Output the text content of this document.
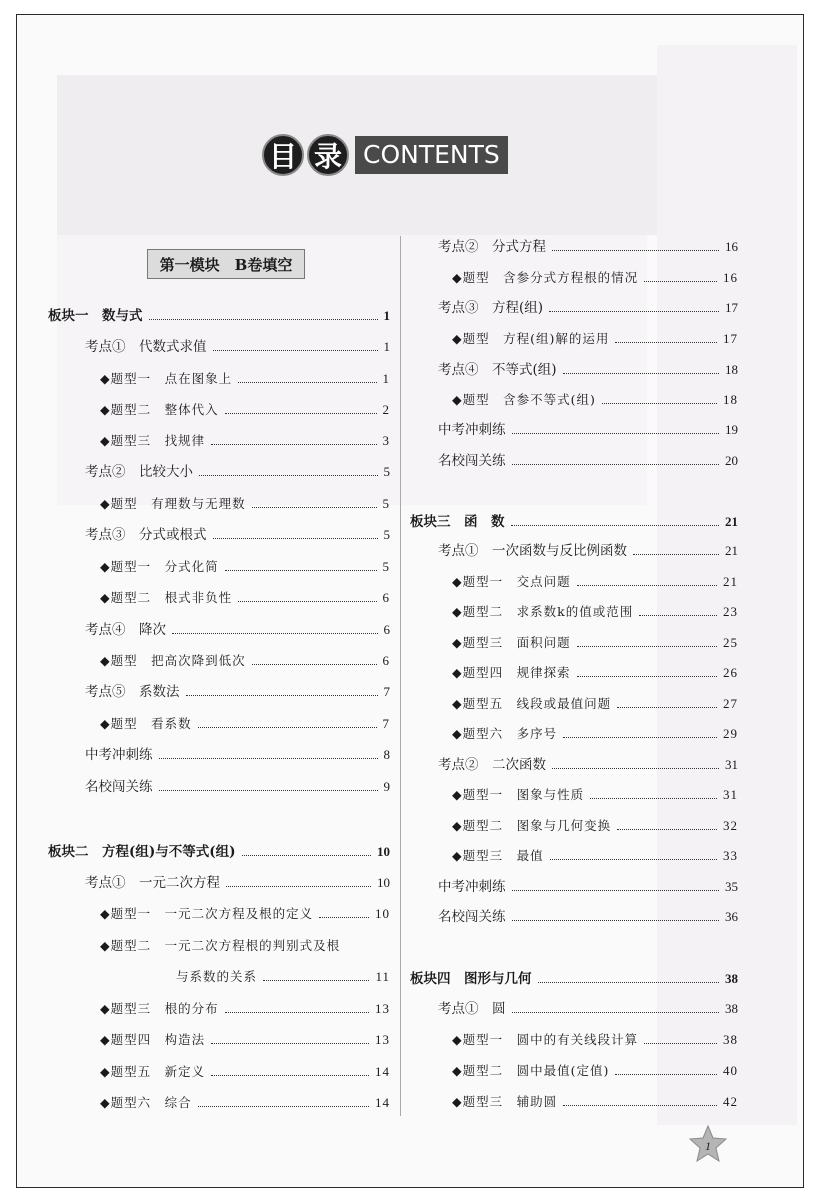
目 录 CONTENTS
第一模块　B卷填空
板块一　数与式	1
考点①　代数式求值	1
◆题型一　点在图象上	1
◆题型二　整体代入	2
◆题型三　找规律	3
考点②　比较大小	5
◆题型　有理数与无理数	5
考点③　分式或根式	5
◆题型一　分式化简	5
◆题型二　根式非负性	6
考点④　降次	6
◆题型　把高次降到低次	6
考点⑤　系数法	7
◆题型　看系数	7
中考冲刺练	8
名校闯关练	9
板块二　方程(组)与不等式(组)	10
考点①　一元二次方程	10
◆题型一　一元二次方程及根的定义	10
◆题型二　一元二次方程根的判别式及根
与系数的关系	11
◆题型三　根的分布	13
◆题型四　构造法	13
◆题型五　新定义	14
◆题型六　综合	14
考点②　分式方程	16
◆题型　含参分式方程根的情况	16
考点③　方程(组)	17
◆题型　方程(组)解的运用	17
考点④　不等式(组)	18
◆题型　含参不等式(组)	18
中考冲刺练	19
名校闯关练	20
板块三　函　数	21
考点①　一次函数与反比例函数	21
◆题型一　交点问题	21
◆题型二　求系数k的值或范围	23
◆题型三　面积问题	25
◆题型四　规律探索	26
◆题型五　线段或最值问题	27
◆题型六　多序号	29
考点②　二次函数	31
◆题型一　图象与性质	31
◆题型二　图象与几何变换	32
◆题型三　最值	33
中考冲刺练	35
名校闯关练	36
板块四　图形与几何	38
考点①　圆	38
◆题型一　圆中的有关线段计算	38
◆题型二　圆中最值(定值)	40
◆题型三　辅助圆	42
1
